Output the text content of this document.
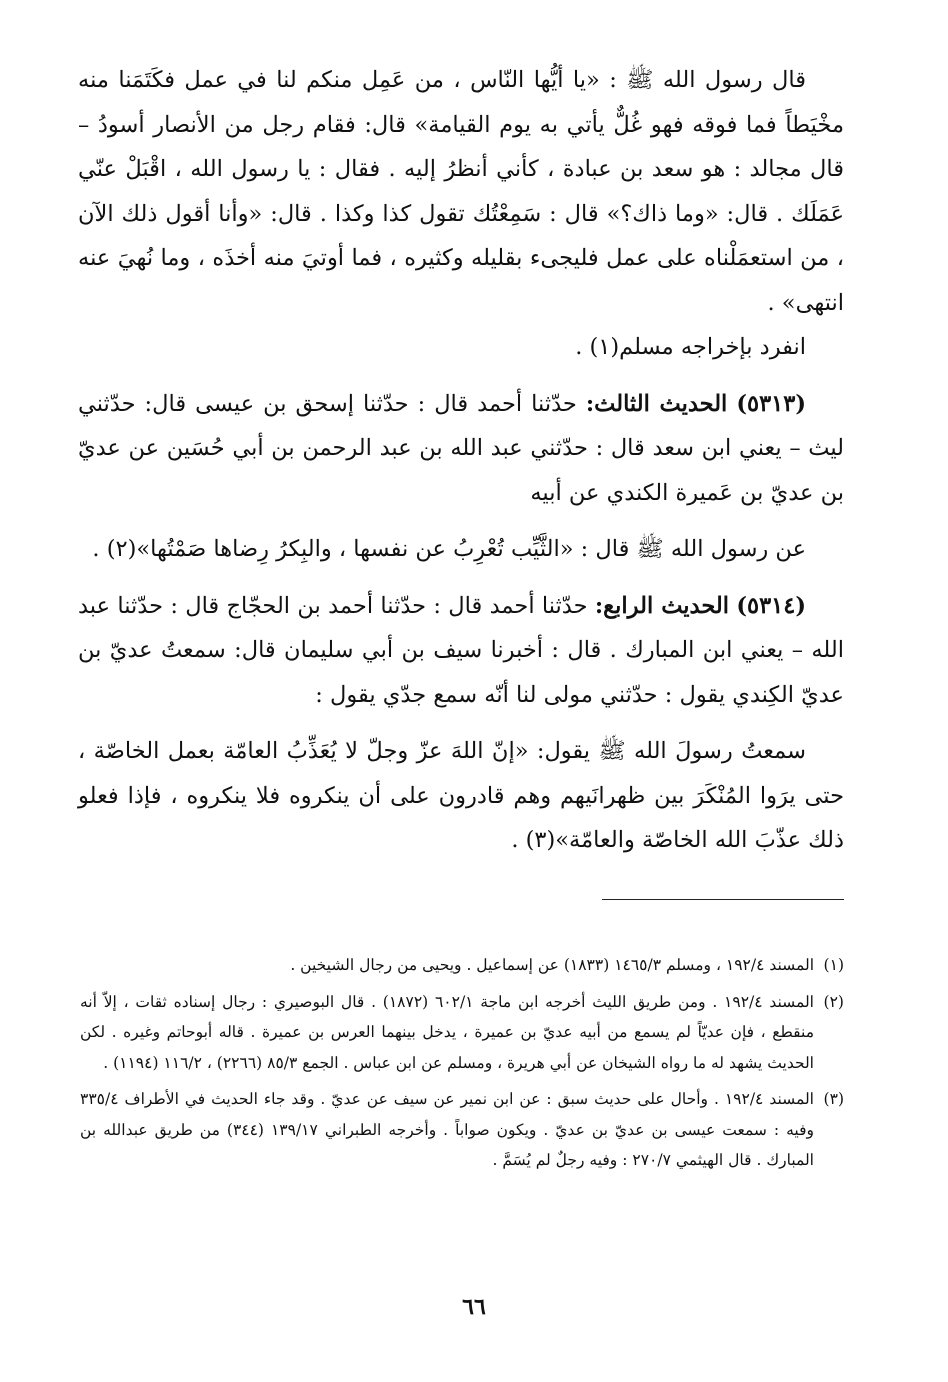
قال رسول الله ﷺ : «يا أيُّها النّاس ، من عَمِل منكم لنا في عمل فكَتَمَنا منه مخْيَطاً فما فوقه فهو غُلٌّ يأتي به يوم القيامة» قال: فقام رجل من الأنصار أسودُ – قال مجالد : هو سعد بن عبادة ، كأني أنظرُ إليه . فقال : يا رسول الله ، اقْبَلْ عنّي عَمَلَك . قال: «وما ذاك؟» قال : سَمِعْتُك تقول كذا وكذا . قال: «وأنا أقول ذلك الآن ، من استعمَلْناه على عمل فليجىء بقليله وكثيره ، فما أوتيَ منه أخذَه ، وما نُهيَ عنه انتهى» .

انفرد بإخراجه مسلم(١) .

(٥٣١٣) الحديث الثالث: حدّثنا أحمد قال : حدّثنا إسحق بن عيسى قال: حدّثني ليث – يعني ابن سعد قال : حدّثني عبد الله بن عبد الرحمن بن أبي حُسَين عن عديّ بن عديّ بن عَميرة الكندي عن أبيه

عن رسول الله ﷺ قال : «الثَّيِّب تُعْرِبُ عن نفسها ، والبِكرُ رِضاها صَمْتُها»(٢) .

(٥٣١٤) الحديث الرابع: حدّثنا أحمد قال : حدّثنا أحمد بن الحجّاج قال : حدّثنا عبد الله – يعني ابن المبارك . قال : أخبرنا سيف بن أبي سليمان قال: سمعتُ عديّ بن عديّ الكِندي يقول : حدّثني مولى لنا أنّه سمع جدّي يقول :

سمعتُ رسولَ الله ﷺ يقول: «إنّ اللهَ عزّ وجلّ لا يُعَذِّبُ العامّة بعمل الخاصّة ، حتى يرَوا المُنْكَرَ بين ظهرانَيهم وهم قادرون على أن ينكروه فلا ينكروه ، فإذا فعلو ذلك عذّبَ الله الخاصّة والعامّة»(٣) .

(١)المسند ١٩٢/٤ ، ومسلم ١٤٦٥/٣ (١٨٣٣) عن إسماعيل . ويحيى من رجال الشيخين .

(٢)المسند ١٩٢/٤ . ومن طريق الليث أخرجه ابن ماجة ٦٠٢/١ (١٨٧٢) . قال البوصيري : رجال إسناده ثقات ، إلاّ أنه منقطع ، فإن عديّاً لم يسمع من أبيه عديّ بن عميرة ، يدخل بينهما العرس بن عميرة . قاله أبوحاتم وغيره . لكن الحديث يشهد له ما رواه الشيخان عن أبي هريرة ، ومسلم عن ابن عباس . الجمع ٨٥/٣ (٢٢٦٦) ، ١١٦/٢ (١١٩٤) .

(٣)المسند ١٩٢/٤ . وأحال على حديث سبق : عن ابن نمير عن سيف عن عديّ . وقد جاء الحديث في الأطراف ٣٣٥/٤ وفيه : سمعت عيسى بن عديّ بن عديّ . ويكون صواباً . وأخرجه الطبراني ١٣٩/١٧ (٣٤٤) من طريق عبدالله بن المبارك . قال الهيثمي ٢٧٠/٧ : وفيه رجلٌ لم يُسَمَّ .

٦٦
